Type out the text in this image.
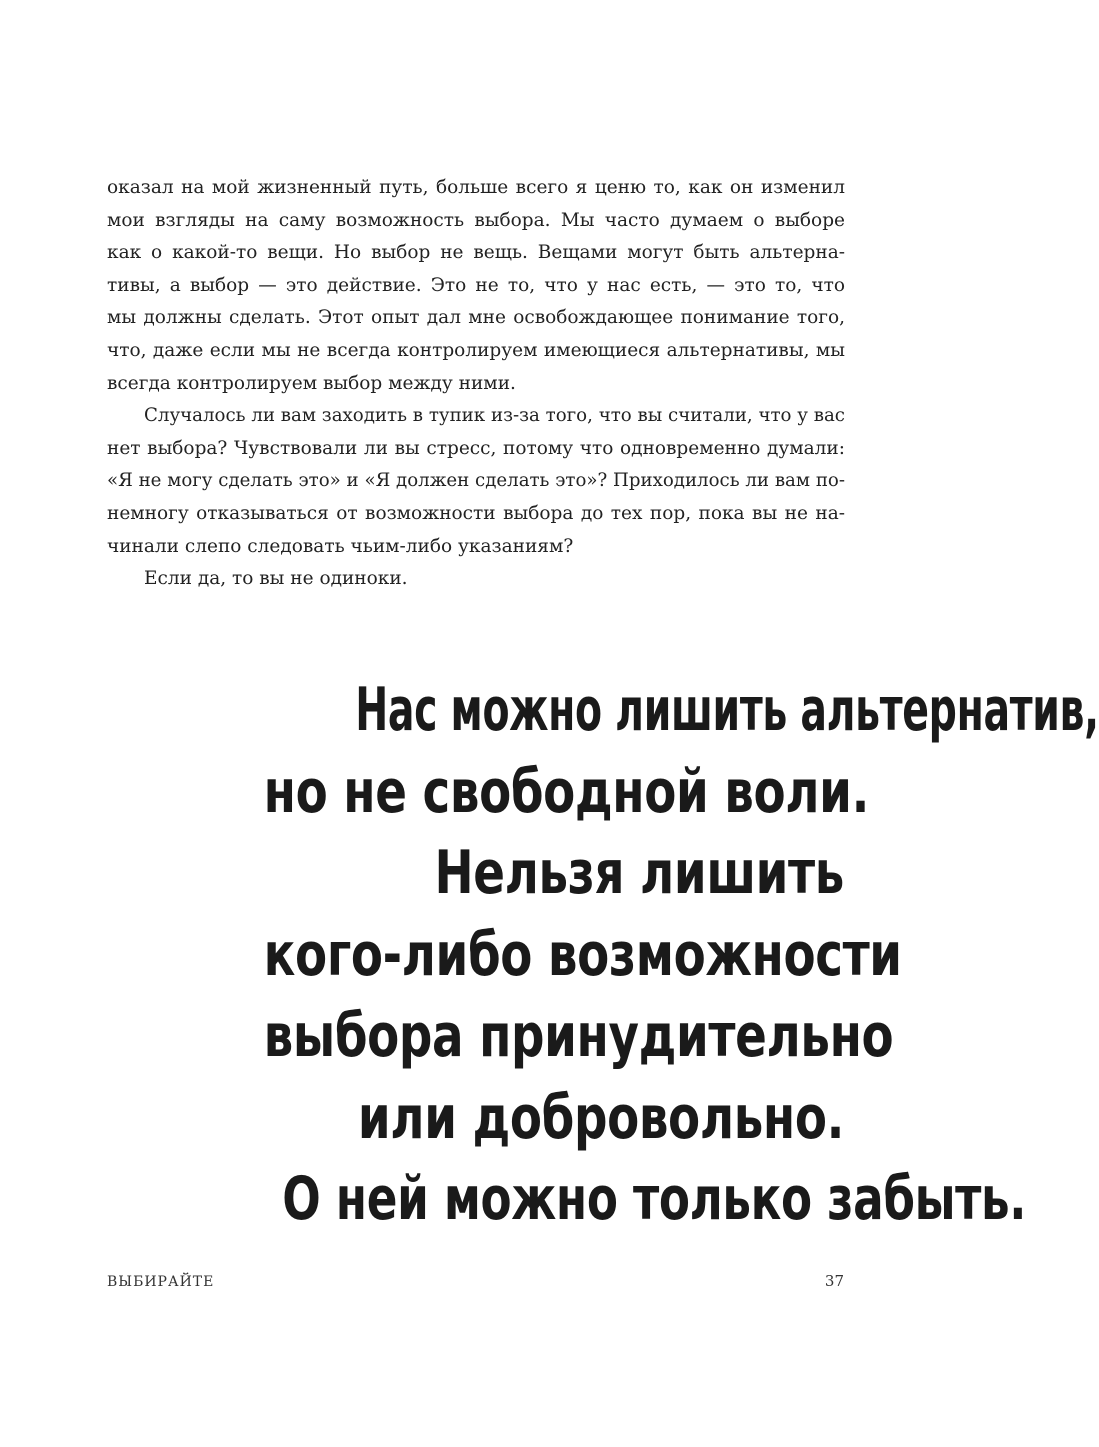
оказал на мой жизненный путь, больше всего я ценю то, как он изменил
мои взгляды на саму возможность выбора. Мы часто думаем о выборе
как о какой-то вещи. Но выбор не вещь. Вещами могут быть альтерна-
тивы, а выбор — это действие. Это не то, что у нас есть, — это то, что
мы должны сделать. Этот опыт дал мне освобождающее понимание того,
что, даже если мы не всегда контролируем имеющиеся альтернативы, мы
всегда контролируем выбор между ними.

Случалось ли вам заходить в тупик из-за того, что вы считали, что у вас
нет выбора? Чувствовали ли вы стресс, потому что одновременно думали:
«Я не могу сделать это» и «Я должен сделать это»? Приходилось ли вам по-
немногу отказываться от возможности выбора до тех пор, пока вы не на-
чинали слепо следовать чьим-либо указаниям?

Если да, то вы не одиноки.

Нас можно лишить альтернатив,
но не свободной воли.
Нельзя лишить
кого-либо возможности
выбора принудительно
или добровольно.
О ней можно только забыть.
ВЫБИРАЙТЕ	37
